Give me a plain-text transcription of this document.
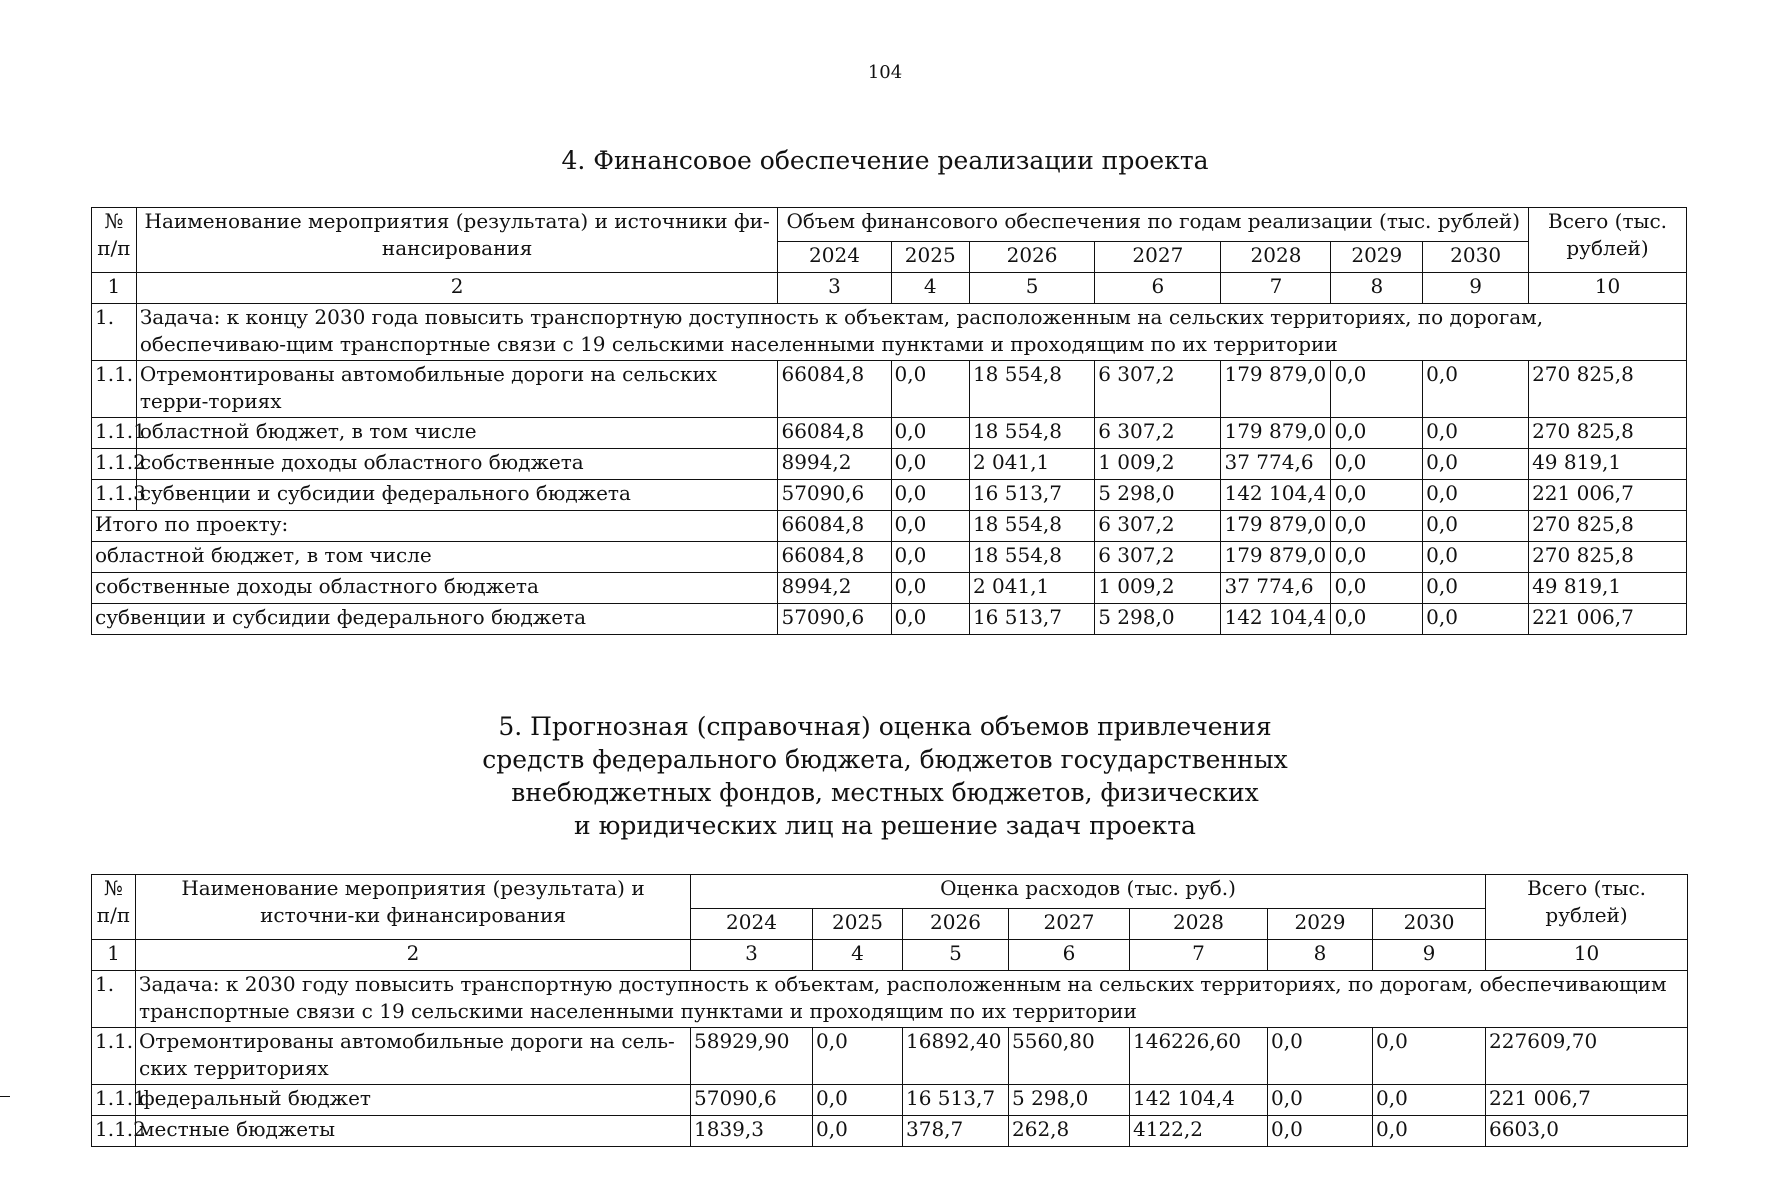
104
4. Финансовое обеспечение реализации проекта
№ п/п	Наименование мероприятия (результата) и источники фи-нансирования	Объем финансового обеспечения по годам реализации (тыс. рублей)							Всего (тыс. рублей)
		2024	2025	2026	2027	2028	2029	2030	
1	2	3	4	5	6	7	8	9	10
1.	Задача: к концу 2030 года повысить транспортную доступность к объектам, расположенным на сельских территориях, по дорогам, обеспечиваю-щим транспортные связи с 19 сельскими населенными пунктами и проходящим по их территории								
1.1.	Отремонтированы автомобильные дороги на сельских терри-ториях	66084,8	0,0	18 554,8	6 307,2	179 879,0	0,0	0,0	270 825,8
1.1.1	областной бюджет, в том числе	66084,8	0,0	18 554,8	6 307,2	179 879,0	0,0	0,0	270 825,8
1.1.2	собственные доходы областного бюджета	8994,2	0,0	2 041,1	1 009,2	37 774,6	0,0	0,0	49 819,1
1.1.3	субвенции и субсидии федерального бюджета	57090,6	0,0	16 513,7	5 298,0	142 104,4	0,0	0,0	221 006,7
Итого по проекту:		66084,8	0,0	18 554,8	6 307,2	179 879,0	0,0	0,0	270 825,8
областной бюджет, в том числе		66084,8	0,0	18 554,8	6 307,2	179 879,0	0,0	0,0	270 825,8
собственные доходы областного бюджета		8994,2	0,0	2 041,1	1 009,2	37 774,6	0,0	0,0	49 819,1
субвенции и субсидии федерального бюджета		57090,6	0,0	16 513,7	5 298,0	142 104,4	0,0	0,0	221 006,7
5. Прогнозная (справочная) оценка объемов привлечения
средств федерального бюджета, бюджетов государственных
внебюджетных фондов, местных бюджетов, физических
и юридических лиц на решение задач проекта
№ п/п	Наименование мероприятия (результата) и источни-ки финансирования	Оценка расходов (тыс. руб.)							Всего (тыс. рублей)
		2024	2025	2026	2027	2028	2029	2030	
1	2	3	4	5	6	7	8	9	10
1.	Задача: к 2030 году повысить транспортную доступность к объектам, расположенным на сельских территориях, по дорогам, обеспечивающим транспортные связи с 19 сельскими населенными пунктами и проходящим по их территории								
1.1.	Отремонтированы автомобильные дороги на сель-ских территориях	58929,90	0,0	16892,40	5560,80	146226,60	0,0	0,0	227609,70
1.1.1	федеральный бюджет	57090,6	0,0	16 513,7	5 298,0	142 104,4	0,0	0,0	221 006,7
1.1.2	местные бюджеты	1839,3	0,0	378,7	262,8	4122,2	0,0	0,0	6603,0
